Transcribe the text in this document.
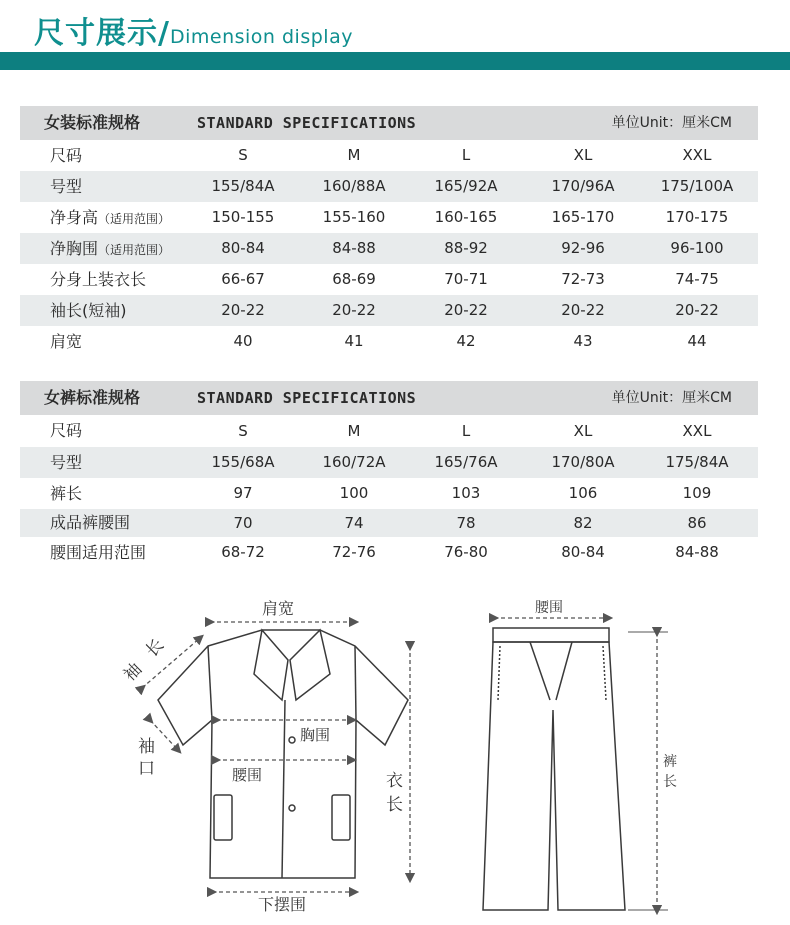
尺寸展示/Dimension display
女装标准规格	STANDARD SPECIFICATIONS	单位Unit：厘米CM
尺码	S	M	L	XL	XXL
号型	155/84A	160/88A	165/92A	170/96A	175/100A
净身高（适用范围）	150-155	155-160	160-165	165-170	170-175
净胸围（适用范围）	80-84	84-88	88-92	92-96	96-100
分身上装衣长	66-67	68-69	70-71	72-73	74-75
袖长(短袖)	20-22	20-22	20-22	20-22	20-22
肩宽	40	41	42	43	44
女裤标准规格	STANDARD SPECIFICATIONS	单位Unit：厘米CM
尺码	S	M	L	XL	XXL
号型	155/68A	160/72A	165/76A	170/80A	175/84A
裤长	97	100	103	106	109
成品裤腰围	70	74	78	82	86
腰围适用范围	68-72	72-76	76-80	80-84	84-88
肩宽
袖
长
袖
口
胸围
腰围	衣
长
下摆围
腰围
裤
长
